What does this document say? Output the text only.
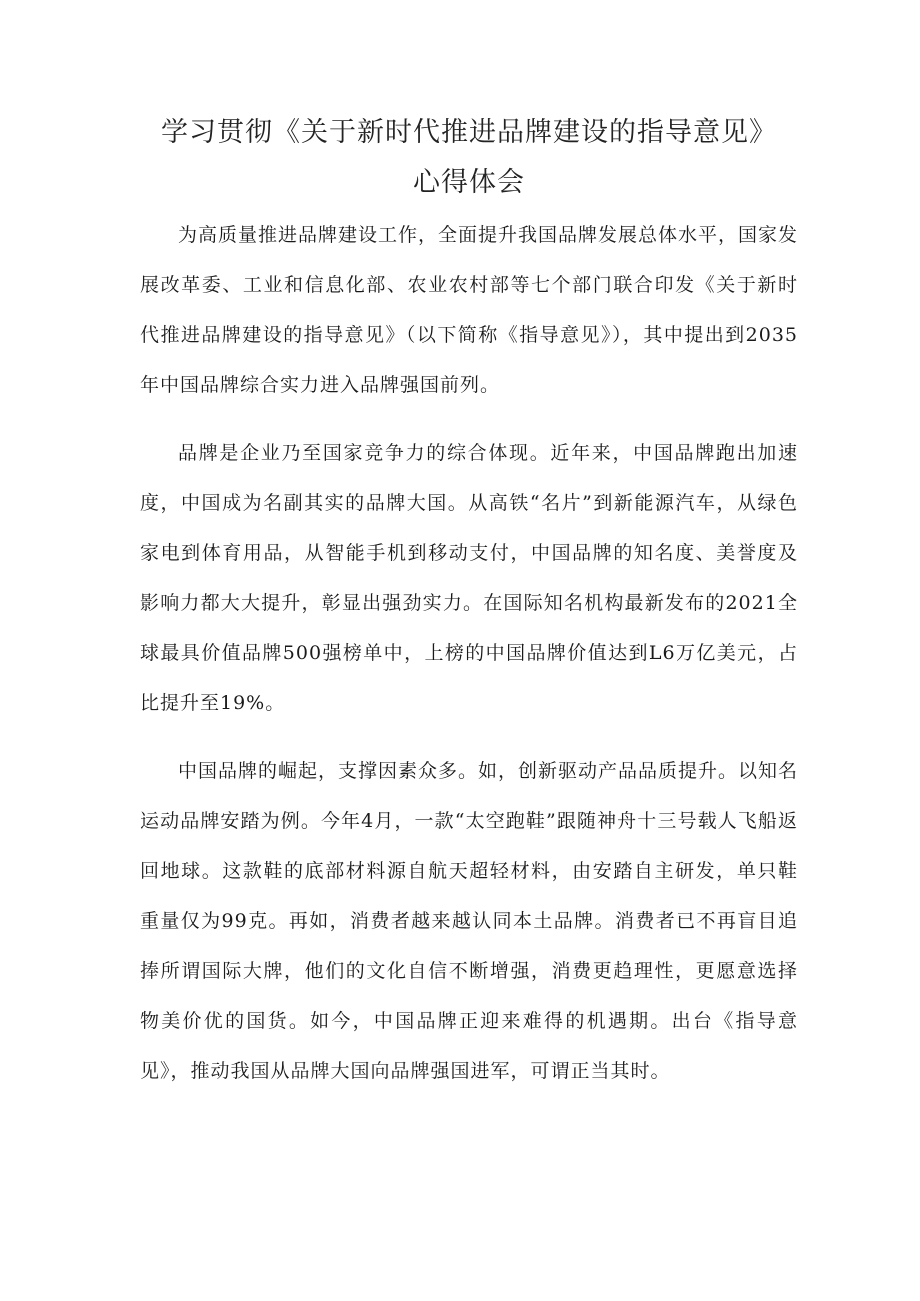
学习贯彻《关于新时代推进品牌建设的指导意见》
心得体会

为高质量推进品牌建设工作，全面提升我国品牌发展总体水平，国家发展改革委、工业和信息化部、农业农村部等七个部门联合印发《关于新时代推进品牌建设的指导意见》（以下简称《指导意见》），其中提出到2035年中国品牌综合实力进入品牌强国前列。

品牌是企业乃至国家竞争力的综合体现。近年来，中国品牌跑出加速度，中国成为名副其实的品牌大国。从高铁“名片”到新能源汽车，从绿色家电到体育用品，从智能手机到移动支付，中国品牌的知名度、美誉度及影响力都大大提升，彰显出强劲实力。在国际知名机构最新发布的2021全球最具价值品牌500强榜单中，上榜的中国品牌价值达到L6万亿美元，占比提升至19%。

中国品牌的崛起，支撑因素众多。如，创新驱动产品品质提升。以知名运动品牌安踏为例。今年4月，一款“太空跑鞋”跟随神舟十三号载人飞船返回地球。这款鞋的底部材料源自航天超轻材料，由安踏自主研发，单只鞋重量仅为99克。再如，消费者越来越认同本土品牌。消费者已不再盲目追捧所谓国际大牌，他们的文化自信不断增强，消费更趋理性，更愿意选择物美价优的国货。如今，中国品牌正迎来难得的机遇期。出台《指导意见》，推动我国从品牌大国向品牌强国进军，可谓正当其时。
